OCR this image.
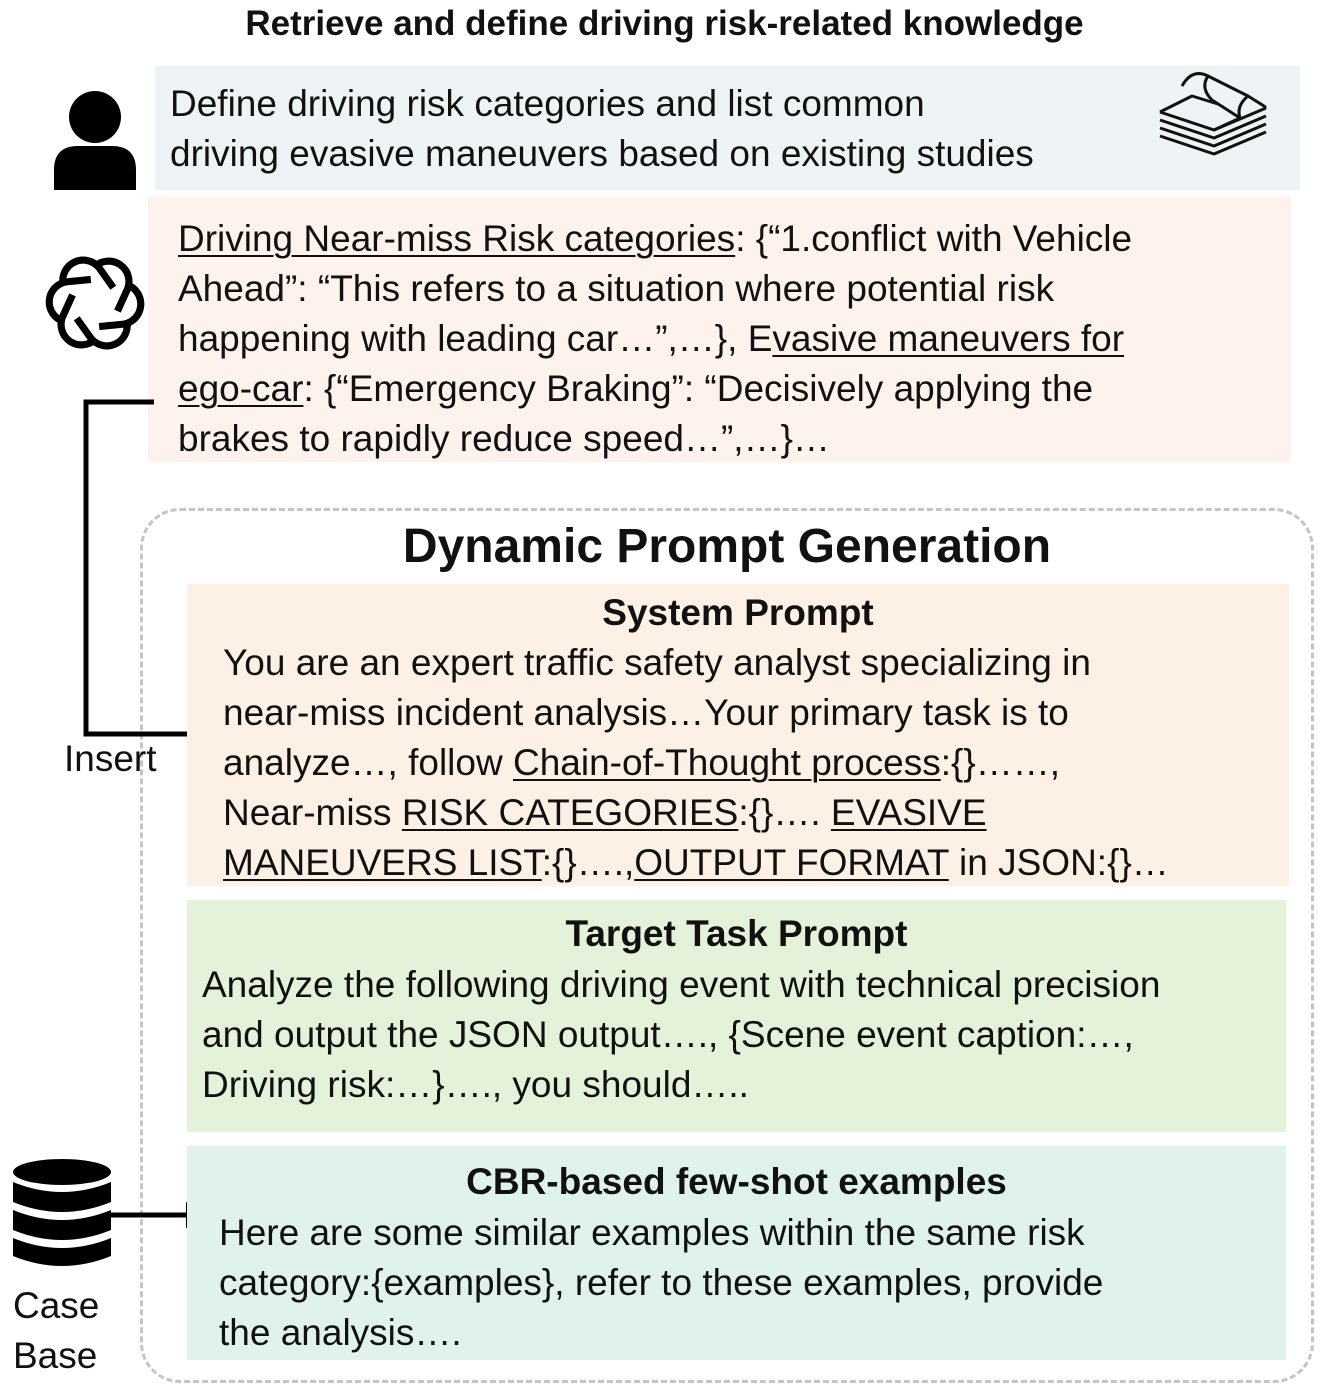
Retrieve and define driving risk-related knowledge
Define driving risk categories and list common
driving evasive maneuvers based on existing studies
Driving Near-miss Risk categories: {“1.conflict with Vehicle
Ahead”: “This refers to a situation where potential risk
happening with leading car…”,…}, Evasive maneuvers for
ego-car: {“Emergency Braking”: “Decisively applying the
brakes to rapidly reduce speed…”,…}…
Dynamic Prompt Generation
Insert
System Prompt
You are an expert traffic safety analyst specializing in
near-miss incident analysis…Your primary task is to
analyze…, follow Chain-of-Thought process:{}……,
Near-miss RISK CATEGORIES:{}…. EVASIVE
MANEUVERS LIST:{}….,OUTPUT FORMAT in JSON:{}…
Target Task Prompt
Analyze the following driving event with technical precision
and output the JSON output…., {Scene event caption:…,
Driving risk:…}…., you should…..
CBR-based few-shot examples
Here are some similar examples within the same risk
category:{examples}, refer to these examples, provide
the analysis….
Case
Base
